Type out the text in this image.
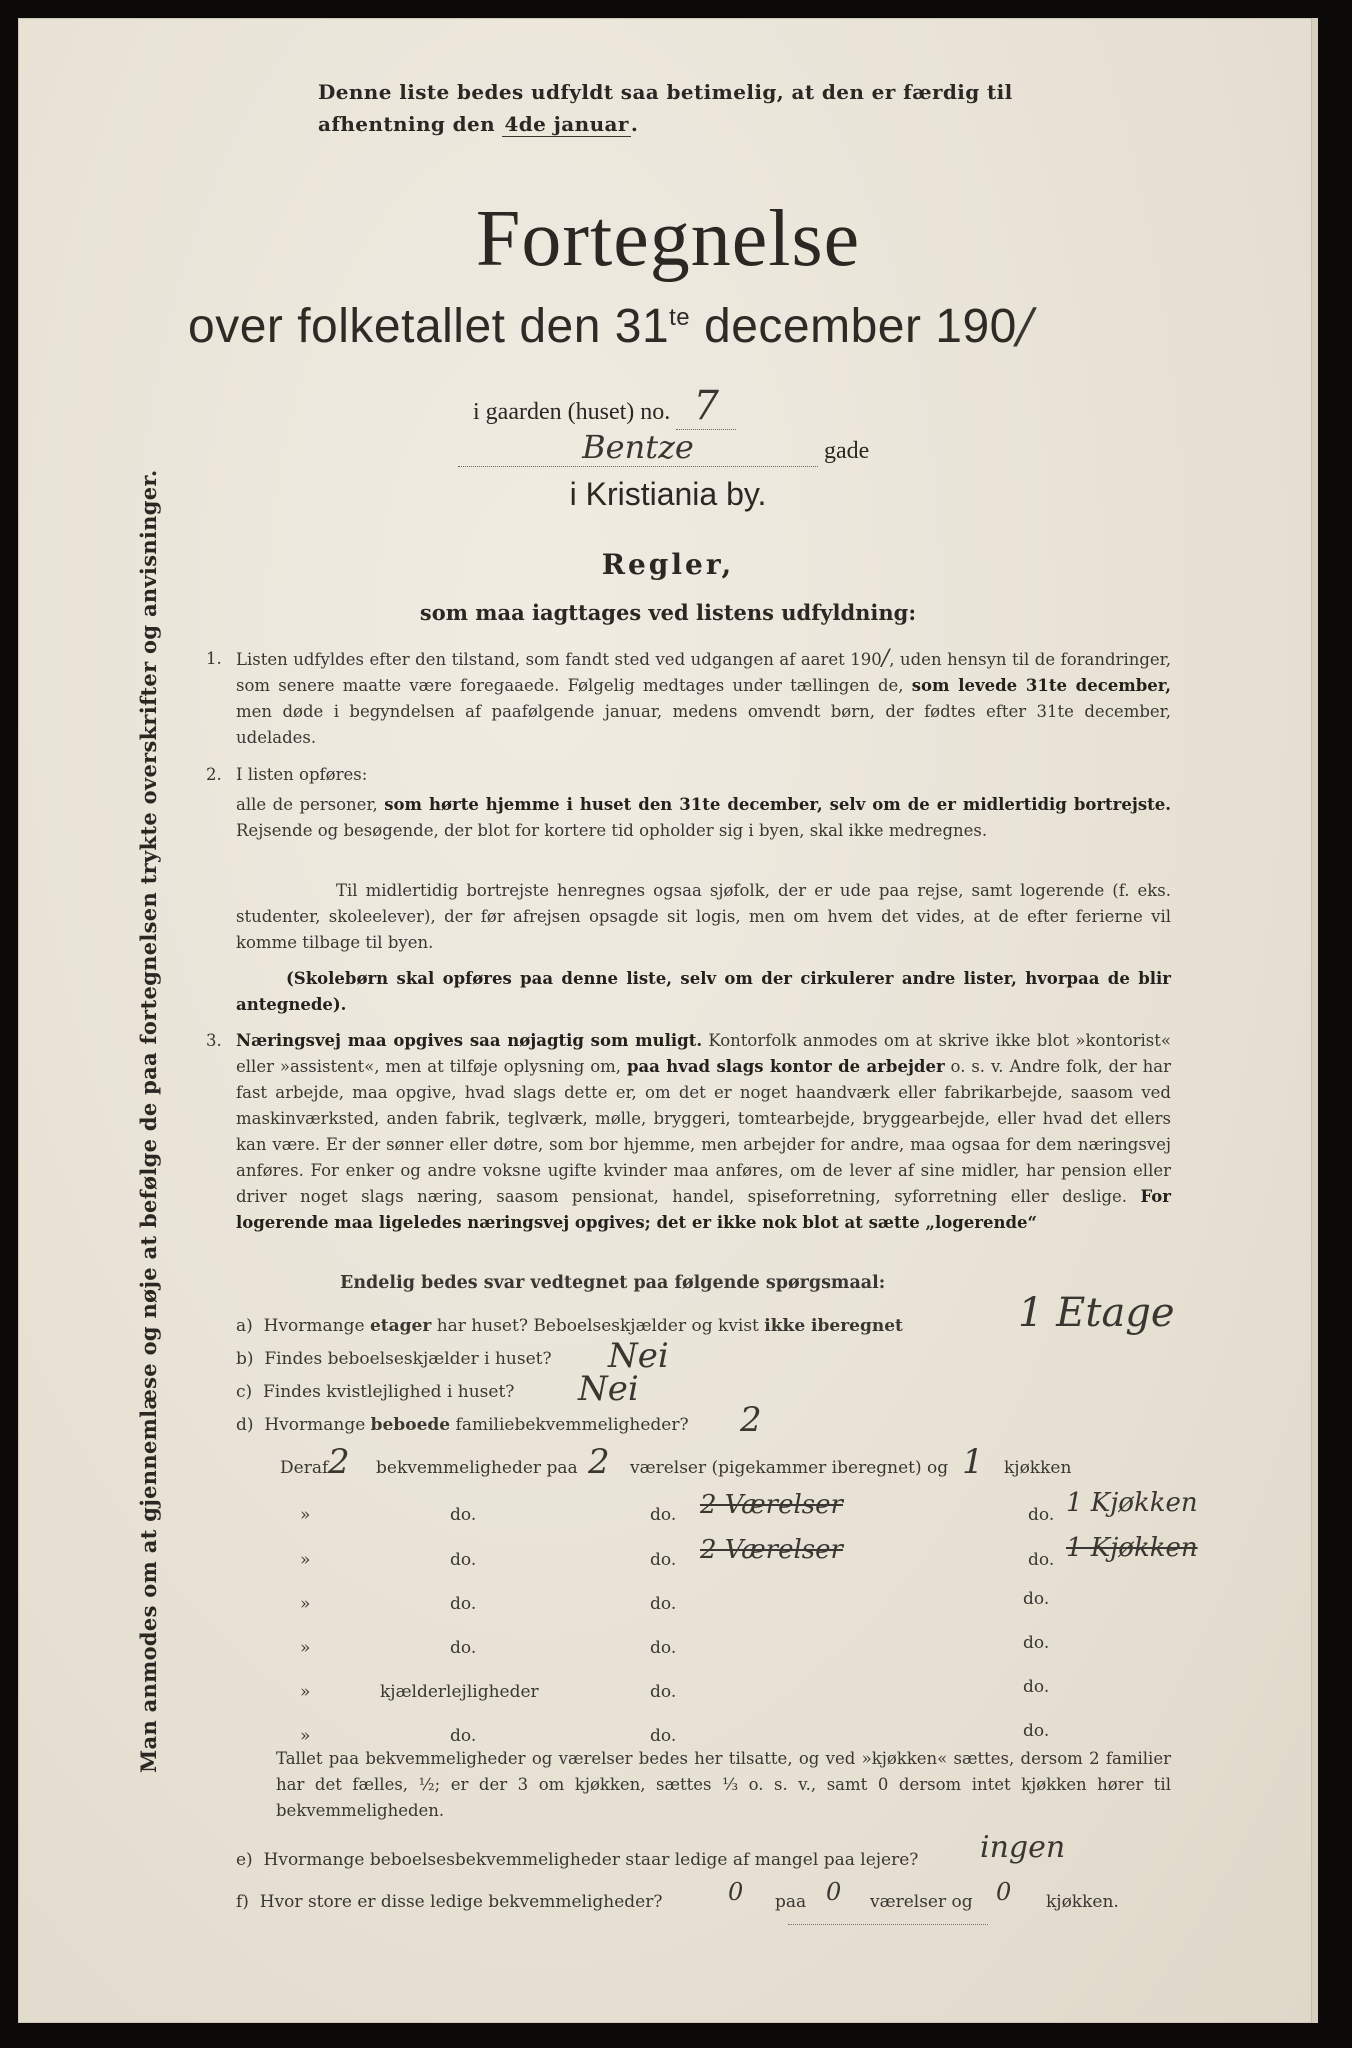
Denne liste bedes udfyldt saa betimelig, at den er færdig til
afhentning den 4de januar .
Fortegnelse
over folketallet den $31^{te}$ december 190/
i gaarden (huset) no. 7
Bentze	gade
i Kristiania by.
Man anmodes om at gjennemlæse og nøje at befølge de paa fortegnelsen trykte overskrifter og anvisninger.	Regler,
som maa iagttages ved listens udfyldning:
1. Listen udfyldes efter den tilstand, som fandt sted ved udgangen af aaret 190/, uden hensyn til de forandringer, som senere maatte være foregaaede. Følgelig medtages under tællingen de, som levede 31te december, men døde i begyndelsen af paafølgende januar, medens omvendt børn, der fødtes efter 31te december, udelades.
2. I listen opføres:
alle de personer, som hørte hjemme i huset den 31te december, selv om de er midlertidig bortrejste. Rejsende og besøgende, der blot for kortere tid opholder sig i byen, skal ikke medregnes.
Til midlertidig bortrejste henregnes ogsaa sjøfolk, der er ude paa rejse, samt logerende (f. eks. studenter, skoleelever), der før afrejsen opsagde sit logis, men om hvem det vides, at de efter ferierne vil komme tilbage til byen.
(Skolebørn skal opføres paa denne liste, selv om der cirkulerer andre lister, hvorpaa de blir antegnede).
3. Næringsvej maa opgives saa nøjagtig som muligt. Kontorfolk anmodes om at skrive ikke blot »kontorist« eller »assistent«, men at tilføje oplysning om, paa hvad slags kontor de arbejder o. s. v. Andre folk, der har fast arbejde, maa opgive, hvad slags dette er, om det er noget haandværk eller fabrikarbejde, saasom ved maskinværksted, anden fabrik, teglværk, mølle, bryggeri, tomtearbejde, bryggearbejde, eller hvad det ellers kan være. Er der sønner eller døtre, som bor hjemme, men arbejder for andre, maa ogsaa for dem næringsvej anføres. For enker og andre voksne ugifte kvinder maa anføres, om de lever af sine midler, har pension eller driver noget slags næring, saasom pensionat, handel, spiseforretning, syforretning eller deslige. For logerende maa ligeledes næringsvej opgives; det er ikke nok blot at sætte „logerende“
Endelig bedes svar vedtegnet paa følgende spørgsmaal:
a) Hvormange etager har huset? Beboelseskjælder og kvist ikke iberegnet	1 Etage
b) Findes beboelseskjælder i huset? Nei
c) Findes kvistlejlighed i huset? Nei
d) Hvormange beboede familiebekvemmeligheder? 2
Deraf 2 bekvemmeligheder paa 2 værelser (pigekammer iberegnet) og 1 kjøkken
»	do.	do. 2 Værelser	do. 1 Kjøkken
»	do.	do. 2 Værelser	do. 1 Kjøkken
»	do.	do.	do.
»	do.	do.	do.
»	kjælderlejligheder	do.	do.
»	do.	do.	do.
Tallet paa bekvemmeligheder og værelser bedes her tilsatte, og ved »kjøkken« sættes, dersom 2 familier har det fælles, ½; er der 3 om kjøkken, sættes ⅓ o. s. v., samt 0 dersom intet kjøkken hører til bekvemmeligheden.
e) Hvormange beboelsesbekvemmeligheder staar ledige af mangel paa lejere? ingen
f) Hvor store er disse ledige bekvemmeligheder?	0 paa 0 værelser og 0 kjøkken.
